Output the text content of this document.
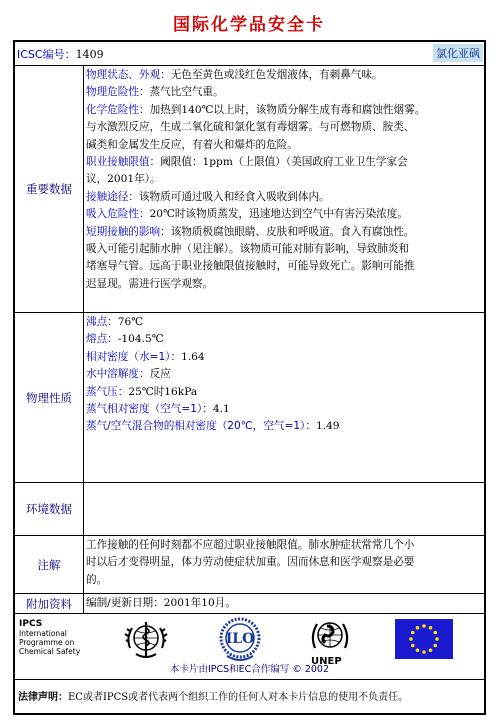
国际化学品安全卡
ICSC编号：1409	氯化亚砜
重要数据
物理状态、外观：无色至黄色或浅红色发烟液体，有刺鼻气味。
物理危险性：蒸气比空气重。
化学危险性：加热到140℃以上时，该物质分解生成有毒和腐蚀性烟雾。
与水激烈反应，生成二氧化硫和氯化氢有毒烟雾。与可燃物质、胺类、
碱类和金属发生反应，有着火和爆炸的危险。
职业接触限值：阈限值：1ppm（上限值）（美国政府工业卫生学家会
议，2001年）。
接触途径：该物质可通过吸入和经食入吸收到体内。
吸入危险性：20℃时该物质蒸发，迅速地达到空气中有害污染浓度。
短期接触的影响：该物质极腐蚀眼睛、皮肤和呼吸道。食入有腐蚀性。
吸入可能引起肺水肿（见注解）。该物质可能对肺有影响，导致肺炎和
堵塞导气管。远高于职业接触限值接触时，可能导致死亡。影响可能推
迟显现。需进行医学观察。
物理性质
沸点：76℃
熔点：-104.5℃
相对密度（水=1）：1.64
水中溶解度：反应
蒸气压：25℃时16kPa
蒸气相对密度（空气=1）：4.1
蒸气/空气混合物的相对密度（20℃，空气=1）：1.49
环境数据
注解
工作接触的任何时刻都不应超过职业接触限值。肺水肿症状常常几个小
时以后才变得明显，体力劳动使症状加重。因而休息和医学观察是必要
的。
附加资料	编制/更新日期：2001年10月。
IPCS
International
Programme on
Chemical Safety
ILO
UNEP
本卡片由IPCS和EC合作编写 © 2002
法律声明：EC或者IPCS或者代表两个组织工作的任何人对本卡片信息的使用不负责任。
